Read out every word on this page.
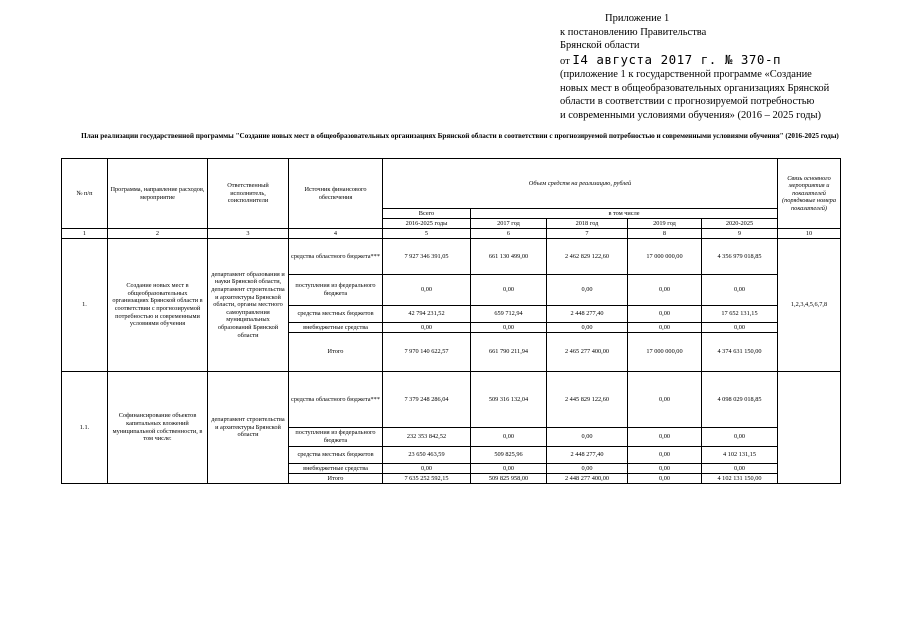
Приложение 1
к постановлению Правительства
Брянской области
от I4 августа 2017 г. № 370-п
(приложение 1 к государственной программе «Создание
новых мест в общеобразовательных организациях Брянской
области в соответствии с прогнозируемой потребностью
и современными условиями обучения» (2016 – 2025 годы)
План реализации государственной программы "Создание новых мест в общеобразовательных организациях Брянской области в соответствии с прогнозируемой потребностью и современными условиями обучения" (2016-2025 годы)
№ п/п	Программа, направление расходов, мероприятие	Ответственный исполнитель, соисполнители	Источник финансового обеспечения	Объем средств на реализацию, рублей					Связь основного мероприятия и показателей (порядковые номера показателей)
				Всего	в том числе				
				2016-2025 годы	2017 год	2018 год	2019 год	2020-2025	
1	2	3	4	5	6	7	8	9	10
1.	Создание новых мест в общеобразовательных организациях Брянской области в соответствии с прогнозируемой потребностью и современными условиями обучения	департамент образования и науки Брянской области, департамент строительства и архитектуры Брянской области, органы местного самоуправления муниципальных образований Брянской области	средства областного бюджета***	7 927 346 391,05	661 130 499,00	2 462 829 122,60	17 000 000,00	4 356 979 018,85	1,2,3,4,5,6,7,8
			поступления из федерального бюджета	0,00	0,00	0,00	0,00	0,00	
			средства местных бюджетов	42 794 231,52	659 712,94	2 448 277,40	0,00	17 652 131,15	
			внебюджетные средства	0,00	0,00	0,00	0,00	0,00	
			Итого	7 970 140 622,57	661 790 211,94	2 465 277 400,00	17 000 000,00	4 374 631 150,00	
1.1.	Софинансирование объектов капитальных вложений муниципальной собственности, в том числе:	департамент строительства и архитектуры Брянской области	средства областного бюджета***	7 379 248 286,04	509 316 132,04	2 445 829 122,60	0,00	4 098 029 018,85	
			поступления из федерального бюджета	232 353 842,52	0,00	0,00	0,00	0,00	
			средства местных бюджетов	23 650 463,59	509 825,96	2 448 277,40	0,00	4 102 131,15	
			внебюджетные средства	0,00	0,00	0,00	0,00	0,00	
			Итого	7 635 252 592,15	509 825 958,00	2 448 277 400,00	0,00	4 102 131 150,00	
